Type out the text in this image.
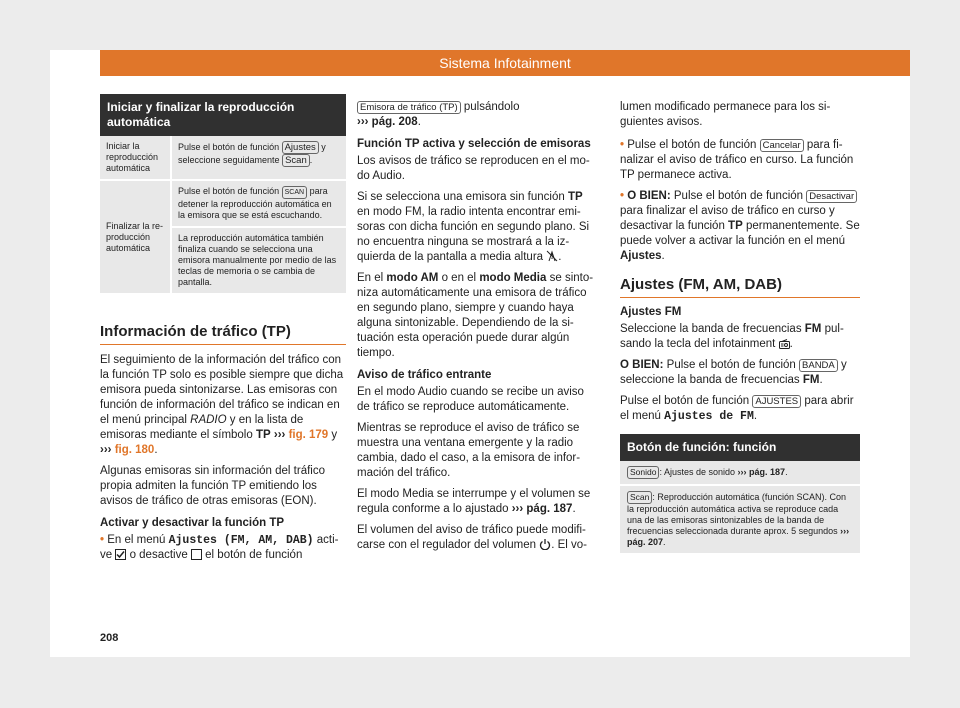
Sistema Infotainment
Iniciar y finalizar la reproducción automática
Iniciar la reproducción automática	Pulse el botón de función Ajustes y seleccione seguidamente Scan .
Finalizar la reproducción automática	Pulse el botón de función SCAN para detener la reproducción automática en la emisora que se está escuchando.
	La reproducción automática también finaliza cuando se selecciona una emisora manualmente por medio de las teclas de memoria o se cambia de pantalla.
Información de tráfico (TP)

El seguimiento de la información del tráfico con la función TP solo es posible siempre que dicha emisora pueda sintonizarse. Las emisoras con función de información del tráfico se indican en el menú principal RADIO y en la lista de emisoras mediante el símbolo TP ››› fig. 179 y ››› fig. 180.

Algunas emisoras sin información del tráfico propia admiten la función TP emitiendo los avisos de tráfico de otras emisoras (EON).

Activar y desactivar la función TP

• En el menú Ajustes (FM, AM, DAB) active o desactive el botón de función

Emisora de tráfico (TP) pulsándolo
››› pág. 208.

Función TP activa y selección de emisoras

Los avisos de tráfico se reproducen en el modo Audio.

Si se selecciona una emisora sin función TP en modo FM, la radio intenta encontrar emisoras con dicha función en segundo plano. Si no encuentra ninguna se mostrará a la izquierda de la pantalla a media altura .

En el modo AM o en el modo Media se sintoniza automáticamente una emisora de tráfico en segundo plano, siempre y cuando haya alguna sintonizable. Dependiendo de la situación esta operación puede durar algún tiempo.

Aviso de tráfico entrante

En el modo Audio cuando se recibe un aviso de tráfico se reproduce automáticamente.

Mientras se reproduce el aviso de tráfico se muestra una ventana emergente y la radio cambia, dado el caso, a la emisora de información del tráfico.

El modo Media se interrumpe y el volumen se regula conforme a lo ajustado ››› pág. 187.

El volumen del aviso de tráfico puede modificarse con el regulador del volumen . El vo-

lumen modificado permanece para los siguientes avisos.

• Pulse el botón de función Cancelar para finalizar el aviso de tráfico en curso. La función TP permanece activa.

• O BIEN: Pulse el botón de función Desactivar para finalizar el aviso de tráfico en curso y desactivar la función TP permanentemente. Se puede volver a activar la función en el menú Ajustes.

Ajustes (FM, AM, DAB)
Ajustes FM

Seleccione la banda de frecuencias FM pulsando la tecla del infotainment .

O BIEN: Pulse el botón de función BANDA y seleccione la banda de frecuencias FM.

Pulse el botón de función AJUSTES para abrir el menú Ajustes de FM.

Botón de función: función
Sonido : Ajustes de sonido ››› pág. 187.
Scan : Reproducción automática (función SCAN). Con la reproducción automática activa se reproduce cada una de las emisoras sintonizables de la banda de frecuencias seleccionada durante aprox. 5 segundos ››› pág. 207.
208
